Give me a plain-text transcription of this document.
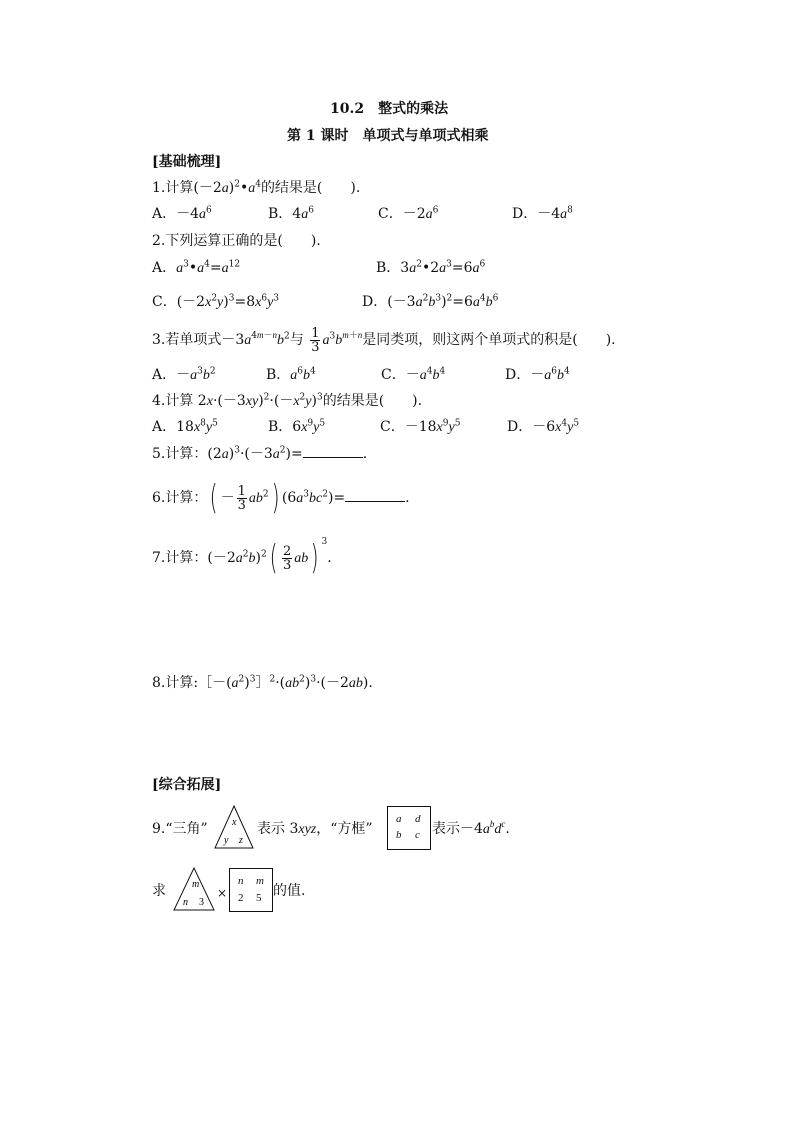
10.2　整式的乘法
第 1 课时　单项式与单项式相乘
[基础梳理]
1.计算$(-2a)^2•a^4$的结果是(　　).
A．$-4a^6$	B．$4a^6$	C．$-2a^6$	D．$-4a^8$
2.下列运算正确的是(　　).
A．$a^3•a^4=a^{12}$	B．$3a^2•2a^3=6a^6$
C．$(-2x^2y)^3=8x^6y^3$	D．$(-3a^2b^3)^2=6a^4b^6$
3.若单项式$-3a^{4m-n}b^2$与 $\frac{1}{3} a^3b^{m+n}$是同类项，则这两个单项式的积是(　　).
A．$-a^3b^2$	B．$a^6b^4$	C．$-a^4b^4$	D．$-a^6b^4$
4.计算 $2x\cdot(-3xy)^2\cdot(-x^2y)^3$的结果是(　　).
A．$18x^8y^5$	B．$6x^9y^5$	C．$-18x^9y^5$	D．$-6x^4y^5$
5.计算：$(2a)^3\cdot(-3a^2)=$	.
6.计算：( － $\frac{1}{3} ab^2$) $(6a^3bc^2)=$	.
7.计算：$(-2a^2b)^2( \frac{2}{3} ab)$ $^3$.
8.计算$:[-(a^2)^3]^2\cdot(ab^2)^3\cdot(-2ab)$.
[综合拓展]
9.“三角” x
y z
表示 3xyz，“方框”
a d
b c 表示$-4a^bd^c$.
求	m
n 3
×
n m
2 5 的值.
